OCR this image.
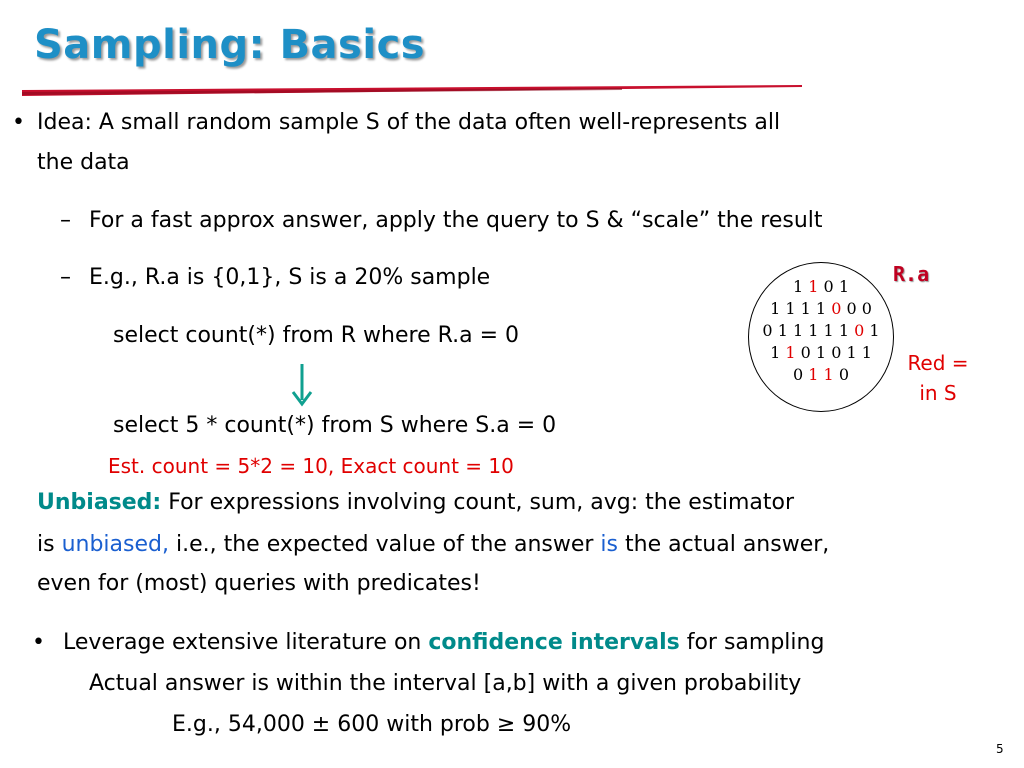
Sampling: Basics
• Idea: A small random sample S of the data often well-represents all
the data
– For a fast approx answer, apply the query to S & “scale” the result
– E.g., R.a is {0,1}, S is a 20% sample
select count(*) from R where R.a = 0
select 5 * count(*) from S where S.a = 0
Est. count = 5*2 = 10, Exact count = 10
Unbiased: For expressions involving count, sum, avg: the estimator
is unbiased, i.e., the expected value of the answer is the actual answer,
even for (most) queries with predicates!
• Leverage extensive literature on confidence intervals for sampling
Actual answer is within the interval [a,b] with a given probability
E.g., 54,000 ± 600 with prob ≥ 90%
1 1 0 1
1 1 1 1 0 0 0
0 1 1 1 1 1 0 1
1 1 0 1 0 1 1
0 1 1 0
R.a
Red = in S
5
